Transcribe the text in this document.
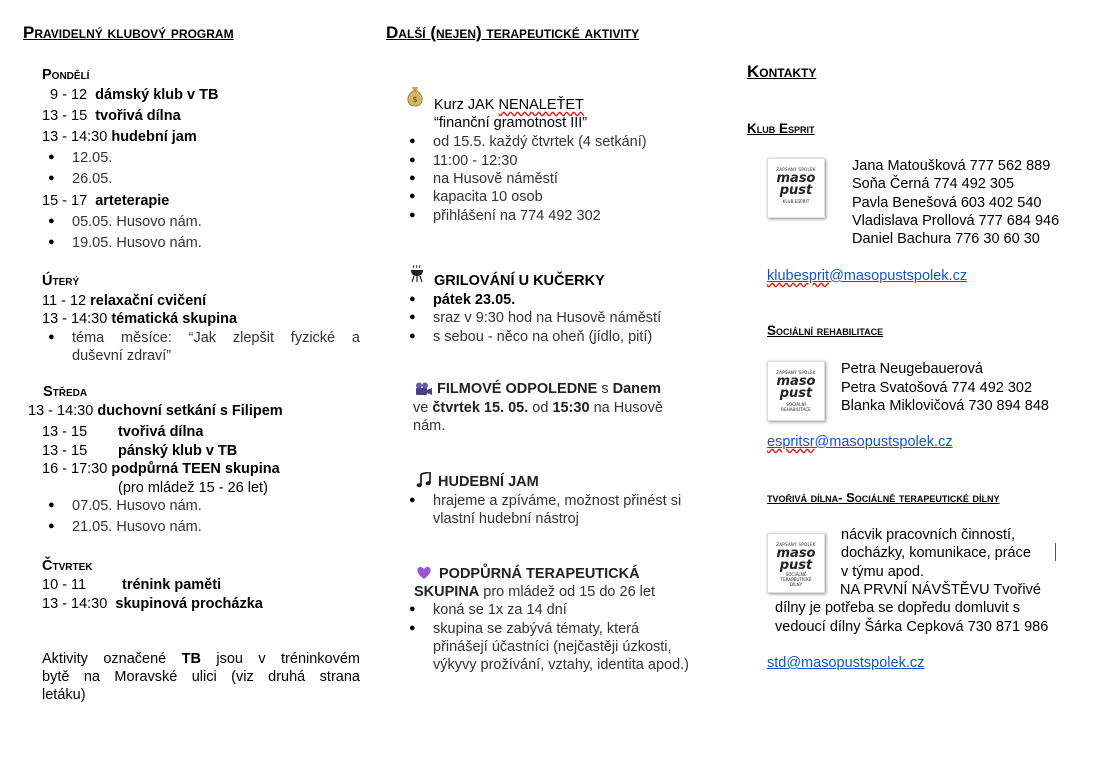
Pravidelný klubový program
Pondělí
9 - 12 dámský klub v TB
13 - 15 tvořivá dílna
13 - 14:30 hudební jam
● 12.05.
● 26.05.
15 - 17 arteterapie
● 05.05. Husovo nám.
● 19.05. Husovo nám.
Úterý
11 - 12 relaxační cvičení
13 - 14:30 tématická skupina
● téma měsíce: “Jak zlepšit fyzické a
duševní zdraví”
Středa
13 - 14:30 duchovní setkání s Filipem
13 - 15 tvořivá dílna
13 - 15 pánský klub v TB
16 - 17:30 podpůrná TEEN skupina
(pro mládež 15 - 26 let)
● 07.05. Husovo nám.
● 21.05. Husovo nám.
Čtvrtek
10 - 11 trénink paměti
13 - 14:30 skupinová procházka
Aktivity označené TB jsou v tréninkovém
bytě na Moravské ulici (viz druhá strana
letáku)
Další (nejen) terapeutické aktivity
$ Kurz JAK NENALEŤET
“finanční gramotnost III”
● od 15.5. každý čtvrtek (4 setkání)
● 11:00 - 12:30
● na Husově náměstí
● kapacita 10 osob
● přihlášení na 774 492 302
GRILOVÁNÍ U KUČERKY
● pátek 23.05.
● sraz v 9:30 hod na Husově náměstí
● s sebou - něco na oheň (jídlo, pití)
FILMOVÉ ODPOLEDNE s Danem
ve čtvrtek 15. 05. od 15:30 na Husově
nám.
HUDEBNÍ JAM
● hrajeme a zpíváme, možnost přinést si
vlastní hudební nástroj
PODPŮRNÁ TERAPEUTICKÁ
SKUPINA pro mládež od 15 do 26 let
● koná se 1x za 14 dní
● skupina se zabývá tématy, která
přinášejí účastníci (nejčastěji úzkosti,
výkyvy prožívání, vztahy, identita apod.)
Kontakty
Klub Esprit
ZAPSANÝ SPOLEK
maso
pust
KLUB ESPRIT
Jana Matoušková 777 562 889
Soňa Černá 774 492 305
Pavla Benešová 603 402 540
Vladislava Prollová 777 684 946
Daniel Bachura 776 30 60 30
klubesprit@masopustspolek.cz
Sociální rehabilitace
ZAPSANÝ SPOLEK
maso
pust
SOCIÁLNÍ
REHABILITACE
Petra Neugebauerová
Petra Svatošová 774 492 302
Blanka Miklovičová 730 894 848
espritsr@masopustspolek.cz
tvořivá dílna- Sociálně terapeutické dílny
ZAPSANÝ SPOLEK
maso
pust
SOCIÁLNĚ
TERAPEUTICKÉ
DÍLNY
nácvik pracovních činností,
docházky, komunikace, práce
v týmu apod.
NA PRVNÍ NÁVŠTĚVU Tvořivé
dílny je potřeba se dopředu domluvit s
vedoucí dílny Šárka Cepková 730 871 986
std@masopustspolek.cz
